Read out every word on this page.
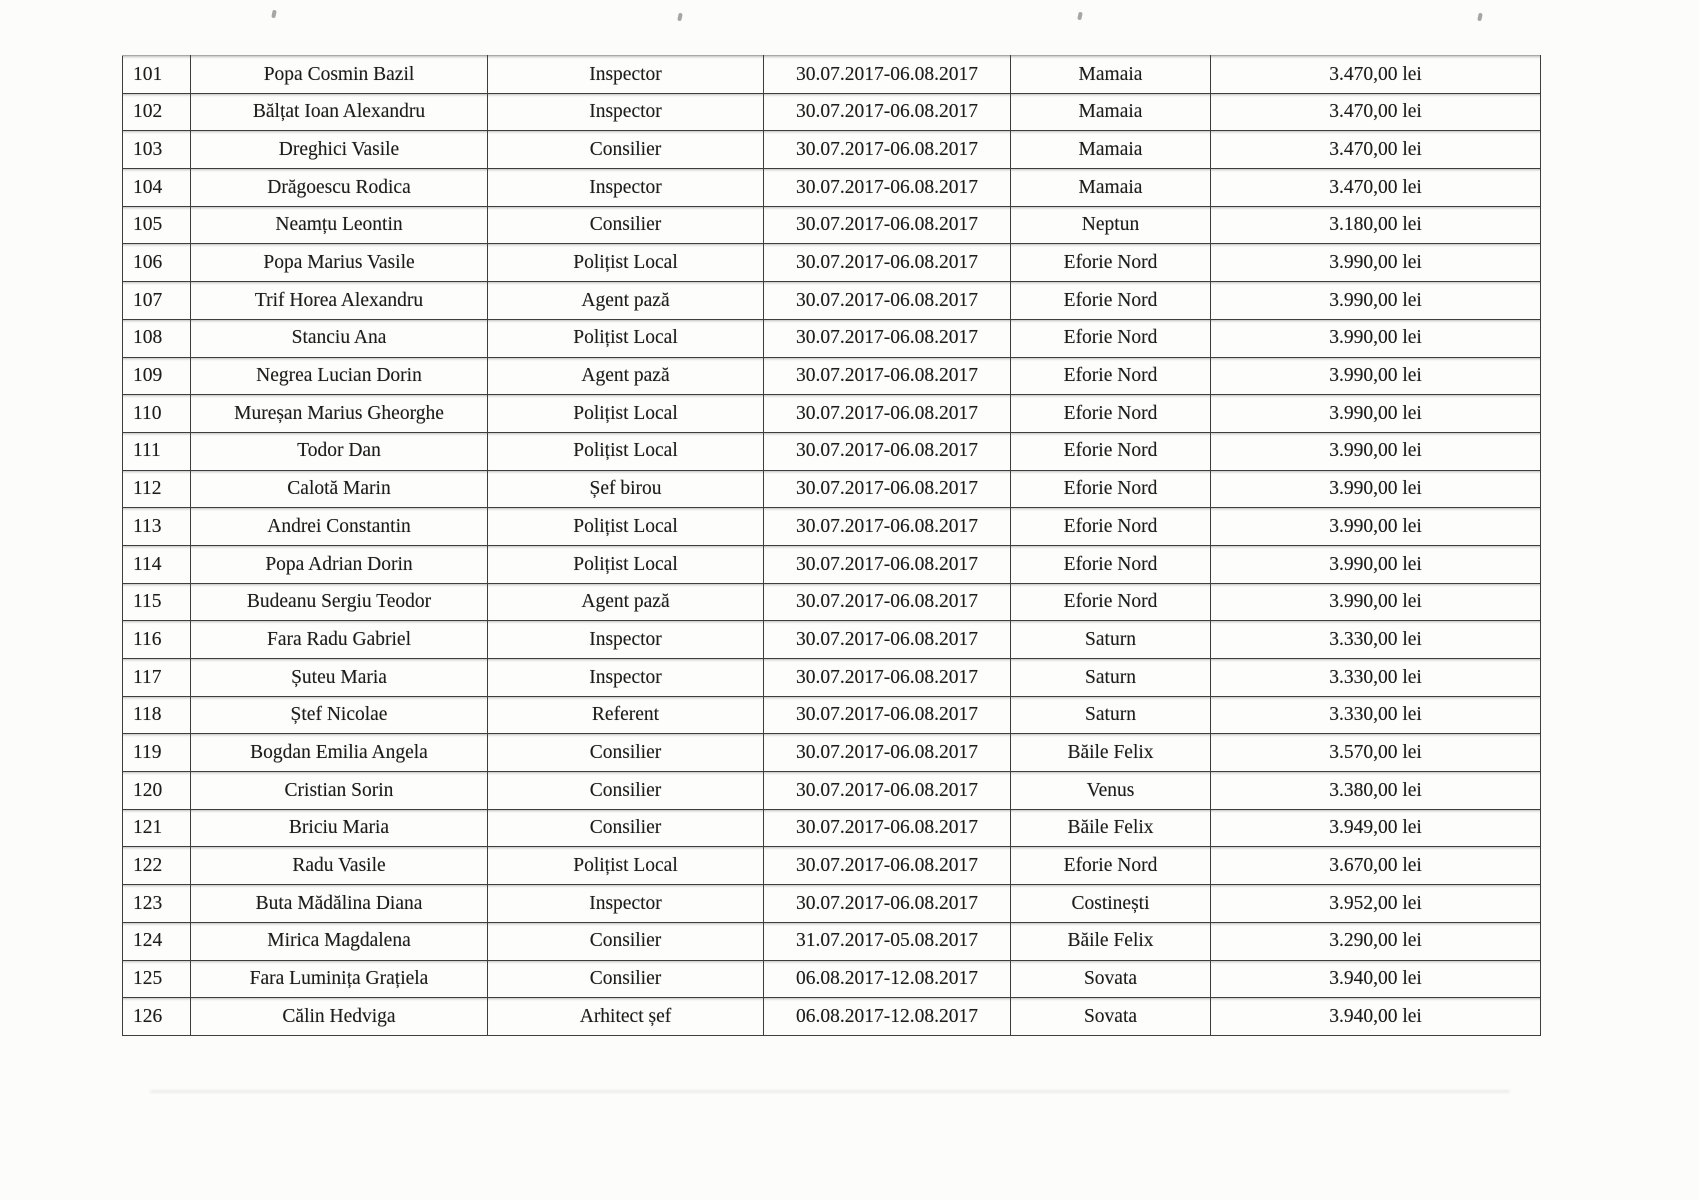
101	Popa Cosmin Bazil	Inspector	30.07.2017-06.08.2017	Mamaia	3.470,00 lei
102	Bălțat Ioan Alexandru	Inspector	30.07.2017-06.08.2017	Mamaia	3.470,00 lei
103	Dreghici Vasile	Consilier	30.07.2017-06.08.2017	Mamaia	3.470,00 lei
104	Drăgoescu Rodica	Inspector	30.07.2017-06.08.2017	Mamaia	3.470,00 lei
105	Neamțu Leontin	Consilier	30.07.2017-06.08.2017	Neptun	3.180,00 lei
106	Popa Marius Vasile	Polițist Local	30.07.2017-06.08.2017	Eforie Nord	3.990,00 lei
107	Trif Horea Alexandru	Agent pază	30.07.2017-06.08.2017	Eforie Nord	3.990,00 lei
108	Stanciu Ana	Polițist Local	30.07.2017-06.08.2017	Eforie Nord	3.990,00 lei
109	Negrea Lucian Dorin	Agent pază	30.07.2017-06.08.2017	Eforie Nord	3.990,00 lei
110	Mureșan Marius Gheorghe	Polițist Local	30.07.2017-06.08.2017	Eforie Nord	3.990,00 lei
111	Todor Dan	Polițist Local	30.07.2017-06.08.2017	Eforie Nord	3.990,00 lei
112	Calotă Marin	Șef birou	30.07.2017-06.08.2017	Eforie Nord	3.990,00 lei
113	Andrei Constantin	Polițist Local	30.07.2017-06.08.2017	Eforie Nord	3.990,00 lei
114	Popa Adrian Dorin	Polițist Local	30.07.2017-06.08.2017	Eforie Nord	3.990,00 lei
115	Budeanu Sergiu Teodor	Agent pază	30.07.2017-06.08.2017	Eforie Nord	3.990,00 lei
116	Fara Radu Gabriel	Inspector	30.07.2017-06.08.2017	Saturn	3.330,00 lei
117	Șuteu Maria	Inspector	30.07.2017-06.08.2017	Saturn	3.330,00 lei
118	Ștef Nicolae	Referent	30.07.2017-06.08.2017	Saturn	3.330,00 lei
119	Bogdan Emilia Angela	Consilier	30.07.2017-06.08.2017	Băile Felix	3.570,00 lei
120	Cristian Sorin	Consilier	30.07.2017-06.08.2017	Venus	3.380,00 lei
121	Briciu Maria	Consilier	30.07.2017-06.08.2017	Băile Felix	3.949,00 lei
122	Radu Vasile	Polițist Local	30.07.2017-06.08.2017	Eforie Nord	3.670,00 lei
123	Buta Mădălina Diana	Inspector	30.07.2017-06.08.2017	Costinești	3.952,00 lei
124	Mirica Magdalena	Consilier	31.07.2017-05.08.2017	Băile Felix	3.290,00 lei
125	Fara Luminița Grațiela	Consilier	06.08.2017-12.08.2017	Sovata	3.940,00 lei
126	Călin Hedviga	Arhitect șef	06.08.2017-12.08.2017	Sovata	3.940,00 lei
